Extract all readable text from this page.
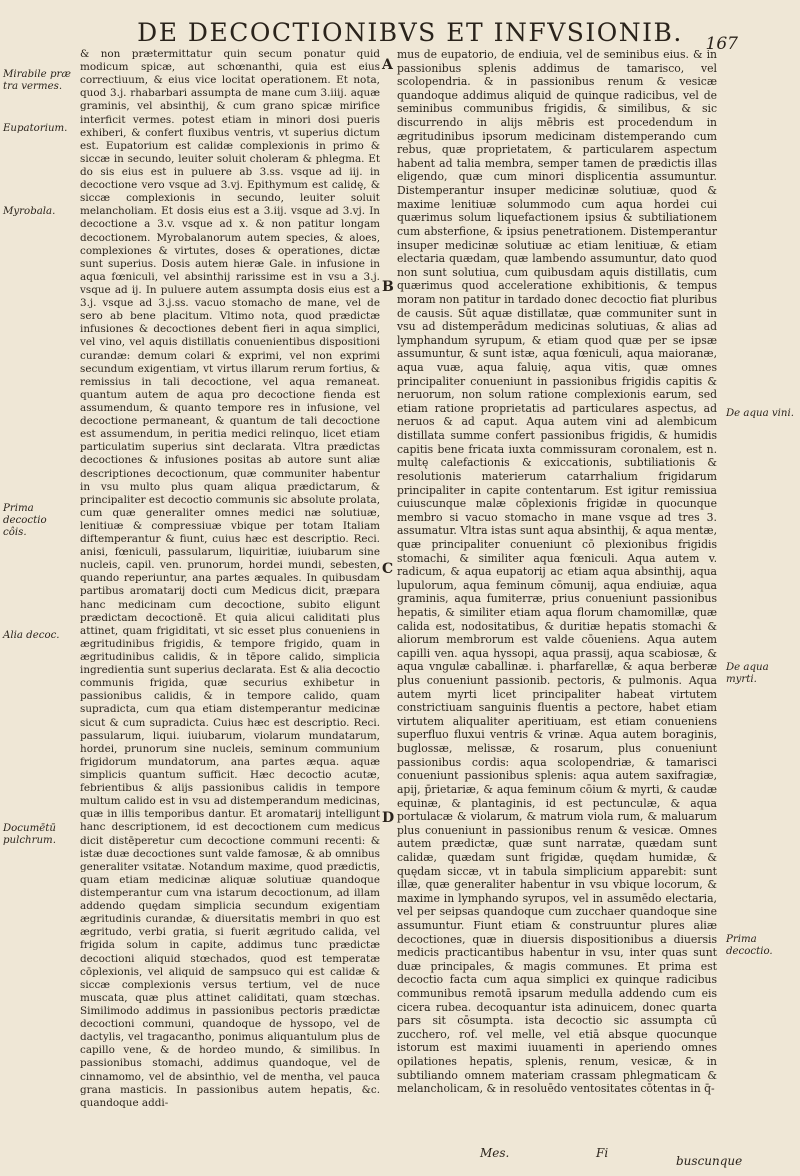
DE DECOCTIONIBVS ET INFVSIONIB.	167

& non prætermittatur quin secum ponatur quid modicum spicæ, aut schœnanthi, quia est eius correctiuum, & eius vice locitat operationem. Et nota, quod 3.j. rhabarbari assumpta de mane cum 3.iiij. aquæ graminis, vel absinthij, & cum grano spicæ mirifice interficit vermes. potest etiam in minori dosi pueris exhiberi, & confert fluxibus ventris, vt superius dictum est. Eupatorium est calidæ complexionis in primo & siccæ in secundo, leuiter soluit choleram & phlegma. Et do sis eius est in puluere ab 3.ss. vsque ad iij. in decoctione vero vsque ad 3.vj. Epithymum est calidę, & siccæ complexionis in secundo, leuiter soluit melancholiam. Et dosis eius est a 3.iij. vsque ad 3.vj. In decoctione a 3.v. vsque ad x. & non patitur longam decoctionem. Myrobalanorum autem species, & aloes, complexiones & virtutes, doses & operationes, dictæ sunt superius. Dosis autem hieræ Gale. in infusione in aqua fœniculi, vel absinthij rarissime est in vsu a 3.j. vsque ad ij. In puluere autem assumpta dosis eius est a 3.j. vsque ad 3.j.ss. vacuo stomacho de mane, vel de sero ab bene placitum. Vltimo nota, quod prædictæ infusiones & decoctiones debent fieri in aqua simplici, vel vino, vel aquis distillatis conuenientibus dispositioni curandæ: demum colari & exprimi, vel non exprimi secundum exigentiam, vt virtus illarum rerum fortius, & remissius in tali decoctione, vel aqua remaneat. quantum autem de aqua pro decoctione fienda est assumendum, & quanto tempore res in infusione, vel decoctione permaneant, & quantum de tali decoctione est assumendum, in peritia medici relinquo, licet etiam particulatim superius sint declarata. Vltra prædictas decoctiones & infusiones positas ab autore sunt aliæ descriptiones decoctionum, quæ communiter habentur in vsu multo plus quam aliqua prædictarum, & principaliter est decoctio communis sic absolute prolata, cum quæ generaliter omnes medici næ solutiuæ, lenitiuæ & compressiuæ vbique per totam Italiam diftemperantur & fiunt, cuius hæc est descriptio. Reci. anisi, fœniculi, passularum, liquiritiæ, iuiubarum sine nucleis, capil. ven. prunorum, hordei mundi, sebesten, quando reperiuntur, ana partes æquales. In quibusdam partibus aromatarij docti cum Medicus dicit, præpara hanc medicinam cum decoctione, subito eligunt prædictam decoctionē. Et quia alicui caliditati plus attinet, quam frigiditati, vt sic esset plus conueniens in ægritudinibus frigidis, & tempore frigido, quam in ægritudinibus calidis, & in tēpore calido, simplicia ingredientia sunt superius declarata. Est & alia decoctio communis frigida, quæ securius exhibetur in passionibus calidis, & in tempore calido, quam supradicta, cum qua etiam distemperantur medicinæ sicut & cum supradicta. Cuius hæc est descriptio. Reci. passularum, liqui. iuiubarum, violarum mundatarum, hordei, prunorum sine nucleis, seminum communium frigidorum mundatorum, ana partes æqua. aquæ simplicis quantum sufficit. Hæc decoctio acutæ, febrientibus & alijs passionibus calidis in tempore multum calido est in vsu ad distemperandum medicinas, quæ in illis temporibus dantur. Et aromatarij intelligunt hanc descriptionem, id est decoctionem cum medicus dicit distēperetur cum decoctione communi recenti: & istæ duæ decoctiones sunt valde famosæ, & ab omnibus generaliter vsitatæ. Notandum maxime, quod prædictis, quam etiam medicinæ aliquæ solutiuæ quandoque distemperantur cum vna istarum decoctionum, ad illam addendo quędam simplicia secundum exigentiam ægritudinis curandæ, & diuersitatis membri in quo est ægritudo, verbi gratia, si fuerit ægritudo calida, vel frigida solum in capite, addimus tunc prædictæ decoctioni aliquid stœchados, quod est temperatæ cōplexionis, vel aliquid de sampsuco qui est calidæ & siccæ complexionis versus tertium, vel de nuce muscata, quæ plus attinet caliditati, quam stœchas. Similimodo addimus in passionibus pectoris prædictæ decoctioni communi, quandoque de hyssopo, vel de dactylis, vel tragacantho, ponimus aliquantulum plus de capillo vene, & de hordeo mundo, & similibus. In passionibus stomachi, addimus quandoque, vel de cinnamomo, vel de absinthio, vel de mentha, vel pauca grana masticis. In passionibus autem hepatis, &c. quandoque addi-

Mirabile præ tra vermes.
Eupatorium.
Myrobala.
Prima decoctio côis.
Alia decoc.
Documētū pulchrum.
A
B
C
D

mus de eupatorio, de endiuia, vel de seminibus eius. & in passionibus splenis addimus de tamarisco, vel scolopendria. & in passionibus renum & vesicæ quandoque addimus aliquid de quinque radicibus, vel de seminibus communibus frigidis, & similibus, & sic discurrendo in alijs mēbris est procedendum in ægritudinibus ipsorum medicinam distemperando cum rebus, quæ proprietatem, & particularem aspectum habent ad talia membra, semper tamen de prædictis illas eligendo, quæ cum minori displicentia assumuntur. Distemperantur insuper medicinæ solutiuæ, quod & maxime lenitiuæ solummodo cum aqua hordei cui quærimus solum liquefactionem ipsius & subtiliationem cum absterfione, & ipsius penetrationem. Distemperantur insuper medicinæ solutiuæ ac etiam lenitiuæ, & etiam electaria quædam, quæ lambendo assumuntur, dato quod non sunt solutiua, cum quibusdam aquis distillatis, cum quærimus quod acceleratione exhibitionis, & tempus moram non patitur in tardado donec decoctio fiat pluribus de causis. Sūt aquæ distillatæ, quæ communiter sunt in vsu ad distemperādum medicinas solutiuas, & alias ad lymphandum syrupum, & etiam quod quæ per se ipsæ assumuntur, & sunt istæ, aqua fœniculi, aqua maioranæ, aqua vuæ, aqua faluię, aqua vitis, quæ omnes principaliter conueniunt in passionibus frigidis capitis & neruorum, non solum ratione complexionis earum, sed etiam ratione proprietatis ad particulares aspectus, ad neruos & ad caput. Aqua autem vini ad alembicum distillata summe confert passionibus frigidis, & humidis capitis bene fricata iuxta commissuram coronalem, est n. multę calefactionis & exiccationis, subtiliationis & resolutionis materierum catarrhalium frigidarum principaliter in capite contentarum. Est igitur remissiua cuiuscunque malæ cōplexionis frigidæ in quocunque membro si vacuo stomacho in mane vsque ad tres 3. assumatur. Vltra istas sunt aqua absinthij, & aqua mentæ, quæ principaliter conueniunt cō plexionibus frigidis stomachi, & similiter aqua fœniculi. Aqua autem v. radicum, & aqua eupatorij ac etiam aqua absinthij, aqua lupulorum, aqua feminum cōmunij, aqua endiuiæ, aqua graminis, aqua fumiterræ, prius conueniunt passionibus hepatis, & similiter etiam aqua florum chamomillæ, quæ calida est, nodositatibus, & duritiæ hepatis stomachi & aliorum membrorum est valde cōueniens. Aqua autem capilli ven. aqua hyssopi, aqua prassij, aqua scabiosæ, & aqua vngulæ caballinæ. i. pharfarellæ, & aqua berberæ plus conueniunt passionib. pectoris, & pulmonis. Aqua autem myrti licet principaliter habeat virtutem constrictiuam sanguinis fluentis a pectore, habet etiam virtutem aliqualiter aperitiuam, est etiam conueniens superfluo fluxui ventris & vrinæ. Aqua autem boraginis, buglossæ, melissæ, & rosarum, plus conueniunt passionibus cordis: aqua scolopendriæ, & tamarisci conueniunt passionibus splenis: aqua autem saxifragiæ, apij, p̄rietariæ, & aqua feminum cōium & myrti, & caudæ equinæ, & plantaginis, id est pectunculæ, & aqua portulacæ & violarum, & matrum viola rum, & maluarum plus conueniunt in passionibus renum & vesicæ. Omnes autem prædictæ, quæ sunt narratæ, quædam sunt calidæ, quædam sunt frigidæ, quędam humidæ, & quędam siccæ, vt in tabula simplicium apparebit: sunt illæ, quæ generaliter habentur in vsu vbique locorum, & maxime in lymphando syrupos, vel in assumēdo electaria, vel per seipsas quandoque cum zucchaer quandoque sine assumuntur. Fiunt etiam & construuntur plures aliæ decoctiones, quæ in diuersis dispositionibus a diuersis medicis practicantibus habentur in vsu, inter quas sunt duæ principales, & magis communes. Et prima est decoctio facta cum aqua simplici ex quinque radicibus communibus remotā ipsarum medulla addendo cum eis cicera rubea. decoquantur ista adinuicem, donec quarta pars sit cōsumpta. ista decoctio sic assumpta cū zucchero, rof. vel melle, vel etiā absque quocunque istorum est maximi iuuamenti in aperiendo omnes opilationes hepatis, splenis, renum, vesicæ, & in subtiliando omnem materiam crassam phlegmaticam & melancholicam, & in resoluēdo ventositates cōtentas in q̄-

De aqua vini.
De aqua myrti.
Prima decoctio.
Mes.	Fi
buscunque
